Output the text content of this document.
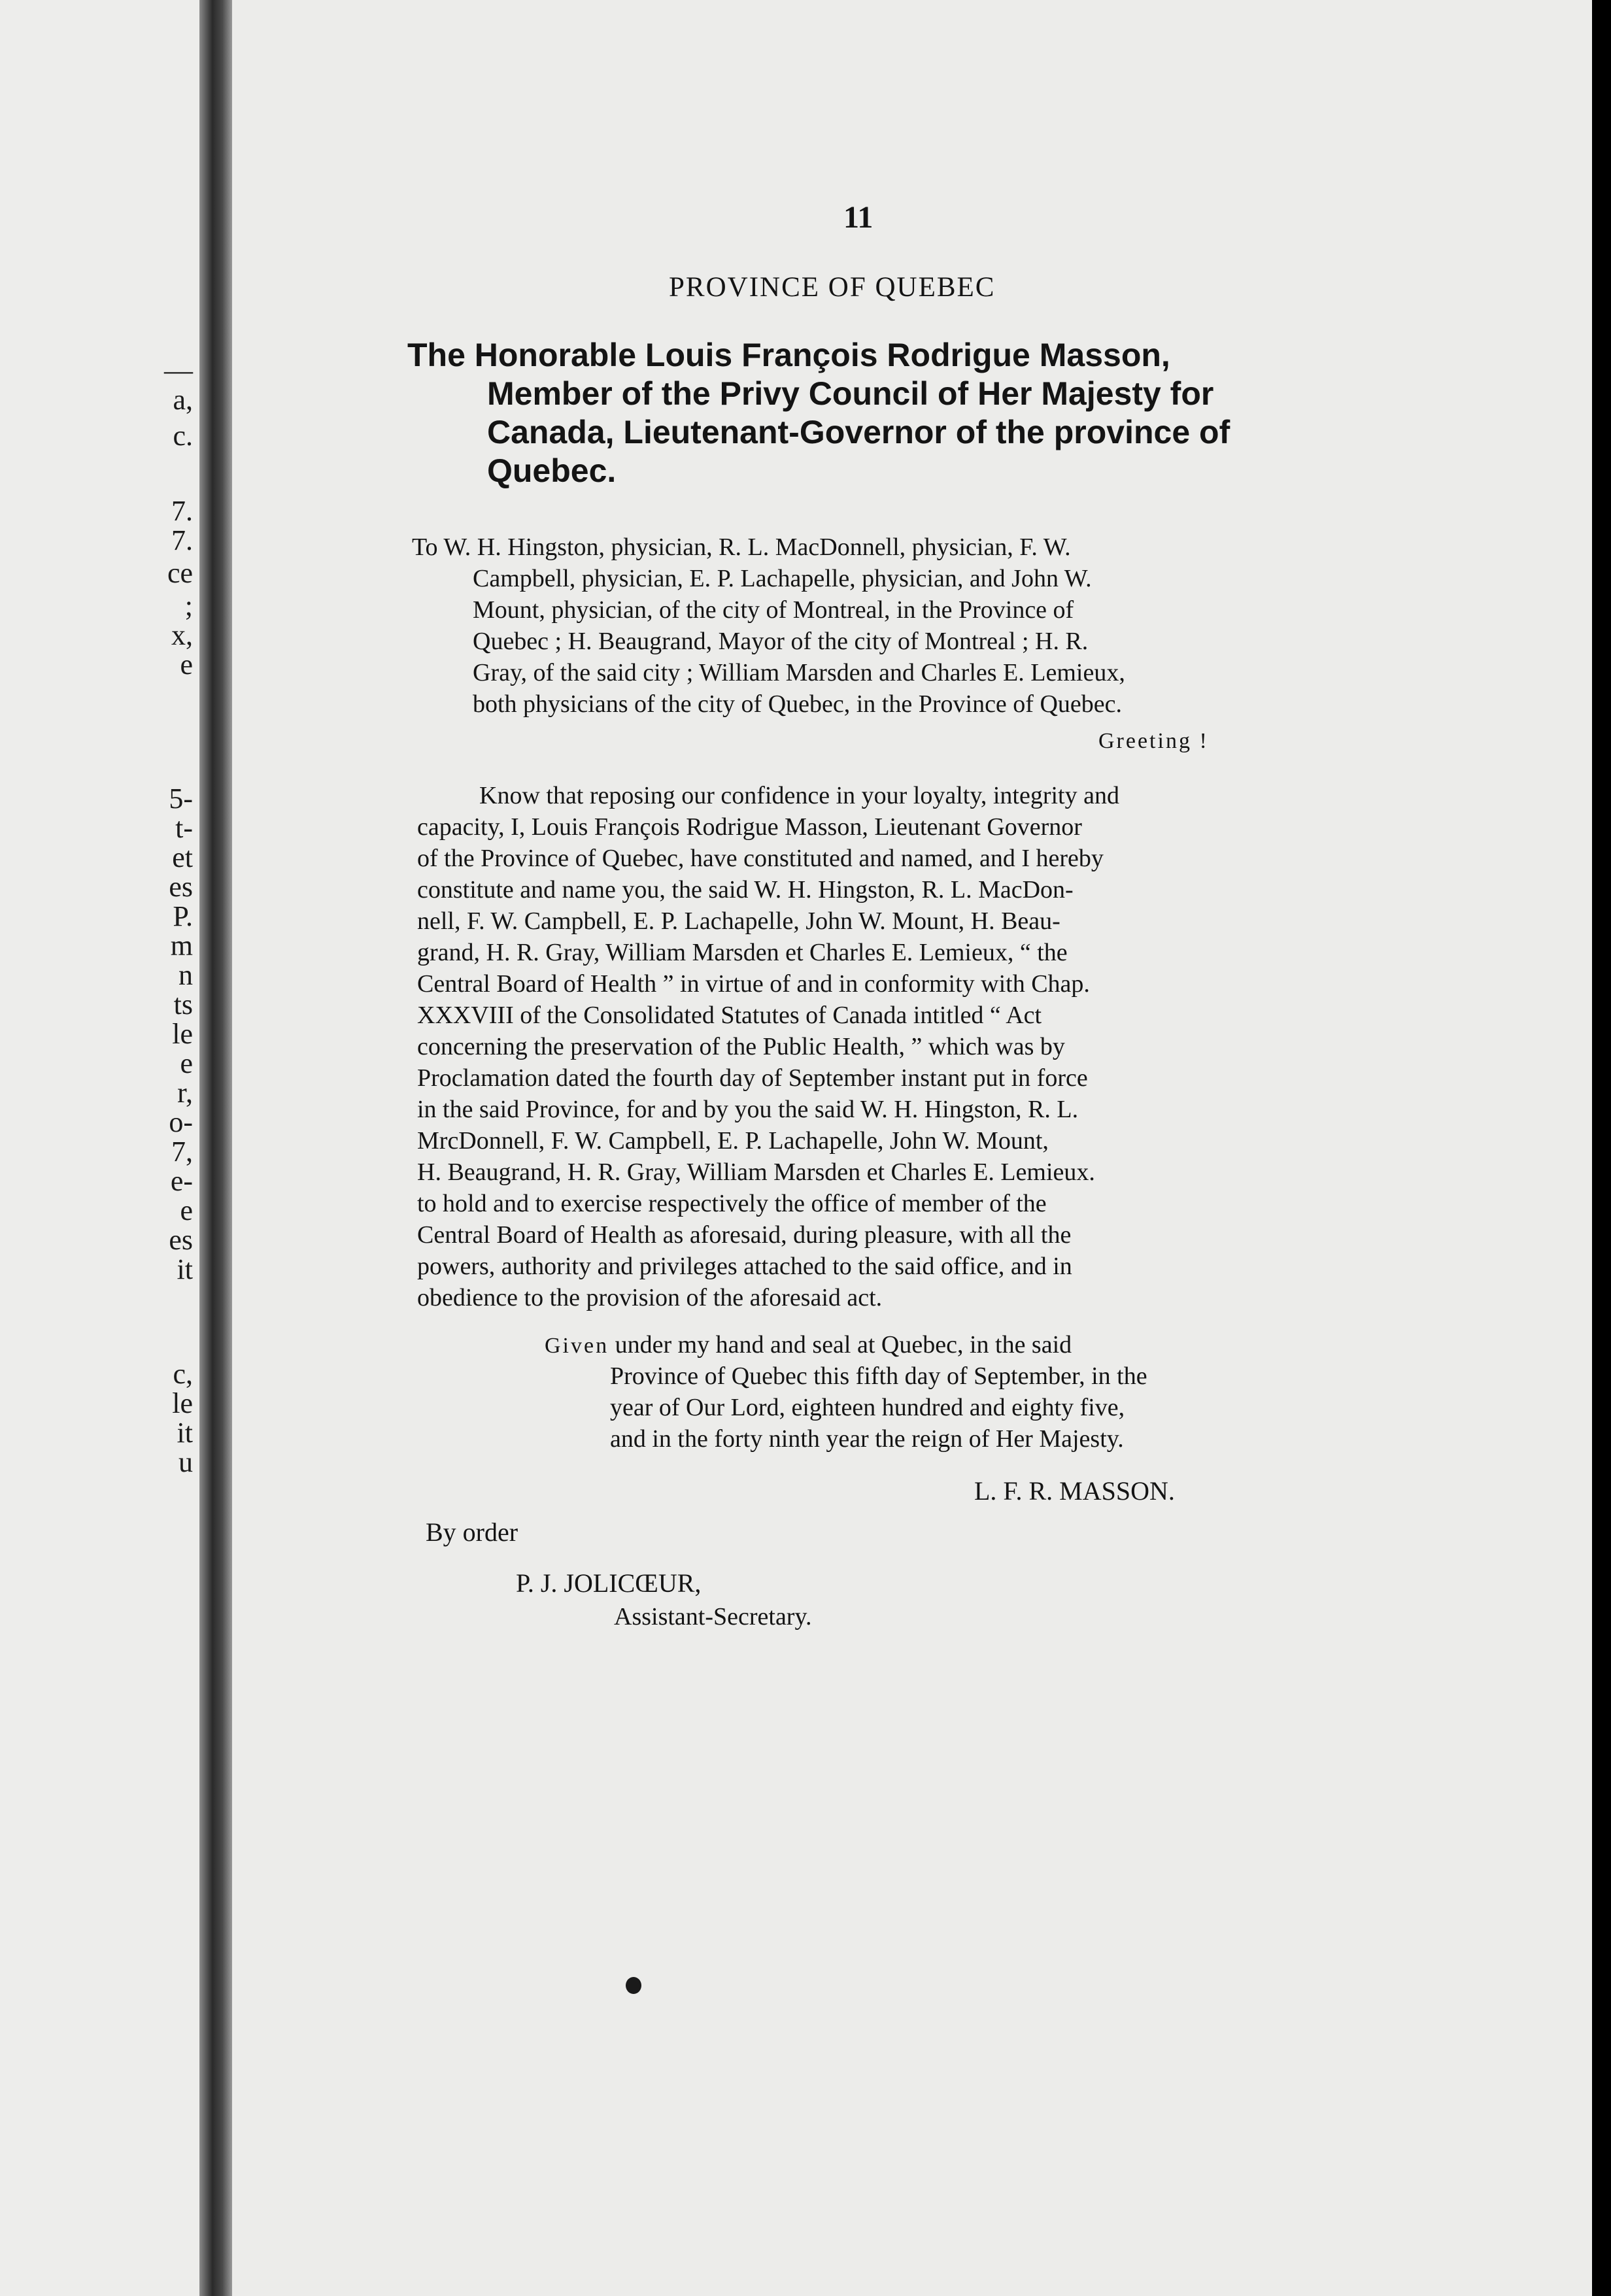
—
a,
c.
7.
7.
ce
;
x,
e
5-
t-
et
es
P.
m
n
ts
le
e
r,
o-
7,
e-
e
es
it
c,
le
it
u
11
PROVINCE OF QUEBEC
The Honorable Louis François Rodrigue Masson,
Member of the Privy Council of Her Majesty for
Canada, Lieutenant-Governor of the province of
Quebec.
To W. H. Hingston, physician, R. L. MacDonnell, physician, F. W.
Campbell, physician, E. P. Lachapelle, physician, and John W.
Mount, physician, of the city of Montreal, in the Province of
Quebec ; H. Beaugrand, Mayor of the city of Montreal ; H. R.
Gray, of the said city ; William Marsden and Charles E. Lemieux,
both physicians of the city of Quebec, in the Province of Quebec.
Greeting !
Know that reposing our confidence in your loyalty, integrity and
capacity, I, Louis François Rodrigue Masson, Lieutenant Governor
of the Province of Quebec, have constituted and named, and I hereby
constitute and name you, the said W. H. Hingston, R. L. MacDon-
nell, F. W. Campbell, E. P. Lachapelle, John W. Mount, H. Beau-
grand, H. R. Gray, William Marsden et Charles E. Lemieux, “ the
Central Board of Health ” in virtue of and in conformity with Chap.
XXXVIII of the Consolidated Statutes of Canada intitled “ Act
concerning the preservation of the Public Health, ” which was by
Proclamation dated the fourth day of September instant put in force
in the said Province, for and by you the said W. H. Hingston, R. L.
MrcDonnell, F. W. Campbell, E. P. Lachapelle, John W. Mount,
H. Beaugrand, H. R. Gray, William Marsden et Charles E. Lemieux.
to hold and to exercise respectively the office of member of the
Central Board of Health as aforesaid, during pleasure, with all the
powers, authority and privileges attached to the said office, and in
obedience to the provision of the aforesaid act.
Given under my hand and seal at Quebec, in the said
Province of Quebec this fifth day of September, in the
year of Our Lord, eighteen hundred and eighty five,
and in the forty ninth year the reign of Her Majesty.
L. F. R. MASSON.
By order
P. J. JOLICŒUR,
Assistant-Secretary.
